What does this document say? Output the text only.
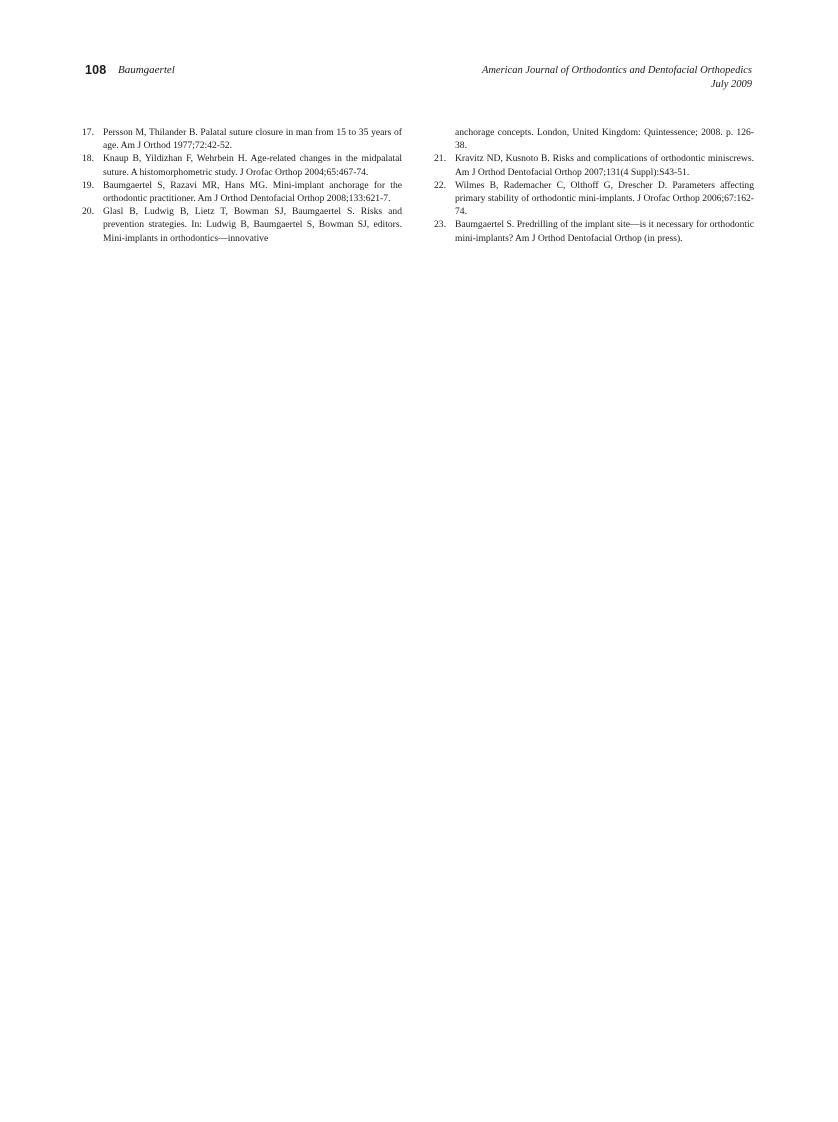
108 Baumgaertel	American Journal of Orthodontics and Dentofacial Orthopedics
July 2009
17. Persson M, Thilander B. Palatal suture closure in man from 15 to 35 years of age. Am J Orthod 1977;72:42-52.
18. Knaup B, Yildizhan F, Wehrbein H. Age-related changes in the midpalatal suture. A histomorphometric study. J Orofac Orthop 2004;65:467-74.
19. Baumgaertel S, Razavi MR, Hans MG. Mini-implant anchorage for the orthodontic practitioner. Am J Orthod Dentofacial Orthop 2008;133:621-7.
20. Glasl B, Ludwig B, Lietz T, Bowman SJ, Baumgaertel S. Risks and prevention strategies. In: Ludwig B, Baumgaertel S, Bowman SJ, editors. Mini-implants in orthodontics—innovative
anchorage concepts. London, United Kingdom: Quintessence; 2008. p. 126-38.
21. Kravitz ND, Kusnoto B. Risks and complications of orthodontic miniscrews. Am J Orthod Dentofacial Orthop 2007;131(4 Suppl):S43-51.
22. Wilmes B, Rademacher C, Olthoff G, Drescher D. Parameters affecting primary stability of orthodontic mini-implants. J Orofac Orthop 2006;67:162-74.
23. Baumgaertel S. Predrilling of the implant site—is it necessary for orthodontic mini-implants? Am J Orthod Dentofacial Orthop (in press).
